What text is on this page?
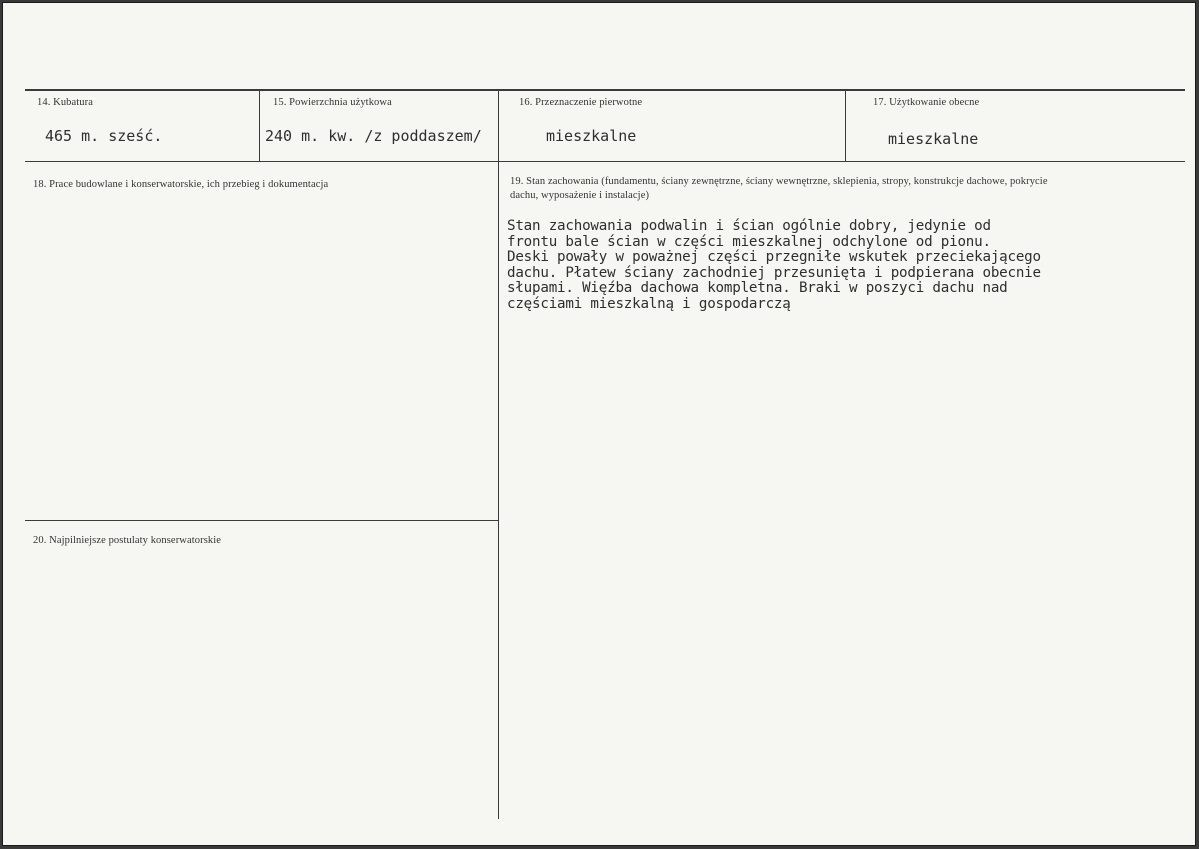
14. Kubatura
465 m. sześć.
15. Powierzchnia użytkowa
240 m. kw. /z poddaszem/
16. Przeznaczenie pierwotne
mieszkalne
17. Użytkowanie obecne
mieszkalne
18. Prace budowlane i konserwatorskie, ich przebieg i dokumentacja	19. Stan zachowania (fundamentu, ściany zewnętrzne, ściany wewnętrzne, sklepienia, stropy, konstrukcje dachowe, pokrycie dachu, wyposażenie i instalacje)
Stan zachowania podwalin i ścian ogólnie dobry, jedynie od
frontu bale ścian w części mieszkalnej odchylone od pionu.
Deski powały w poważnej części przegniłe wskutek przeciekającego
dachu. Płatew ściany zachodniej przesunięta i podpierana obecnie
słupami. Więźba dachowa kompletna. Braki w poszyci dachu nad
częściami mieszkalną i gospodarczą
20. Najpilniejsze postulaty konserwatorskie
